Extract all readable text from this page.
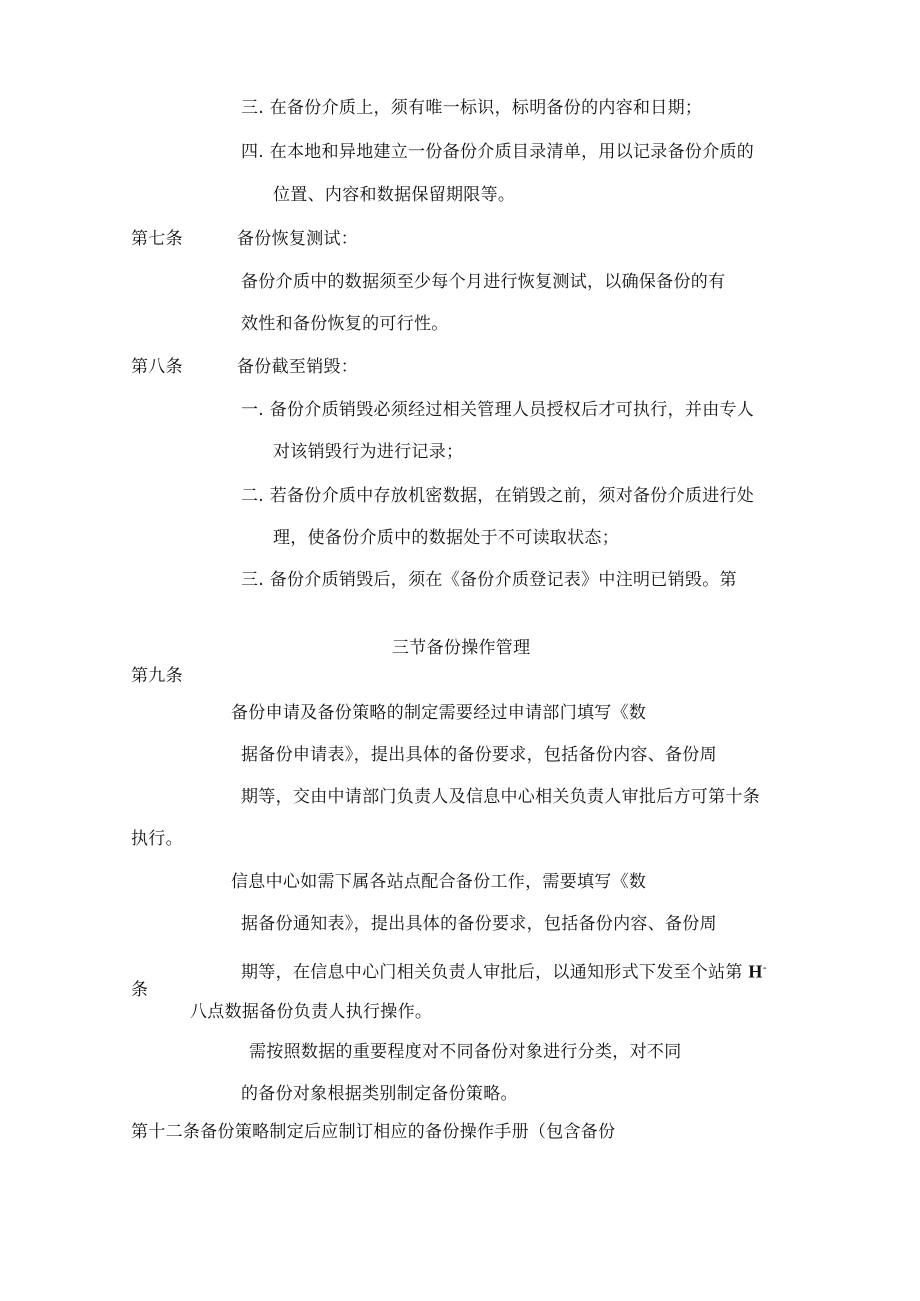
三. 在备份介质上，须有唯一标识，标明备份的内容和日期；
四. 在本地和异地建立一份备份介质目录清单，用以记录备份介质的
位置、内容和数据保留期限等。
第七条	备份恢复测试：
备份介质中的数据须至少每个月进行恢复测试，以确保备份的有
效性和备份恢复的可行性。
第八条	备份截至销毁：
一. 备份介质销毁必须经过相关管理人员授权后才可执行，并由专人
对该销毁行为进行记录；
二. 若备份介质中存放机密数据，在销毁之前，须对备份介质进行处
理，使备份介质中的数据处于不可读取状态；
三. 备份介质销毁后，须在《备份介质登记表》中注明已销毁。第
三节备份操作管理
第九条
备份申请及备份策略的制定需要经过申请部门填写《数
据备份申请表》，提出具体的备份要求，包括备份内容、备份周
期等，交由中请部门负责人及信息中心相关负责人审批后方可第十条
执行。
信息中心如需下属各站点配合备份工作，需要填写《数
据备份通知表》，提出具体的备份要求，包括备份内容、备份周
期等，在信息中心门相关负责人审批后，以通知形式下发至个站第 H-
条
八点数据备份负责人执行操作。
需按照数据的重要程度对不同备份对象进行分类，对不同
的备份对象根据类别制定备份策略。
第十二条备份策略制定后应制订相应的备份操作手册（包含备份
